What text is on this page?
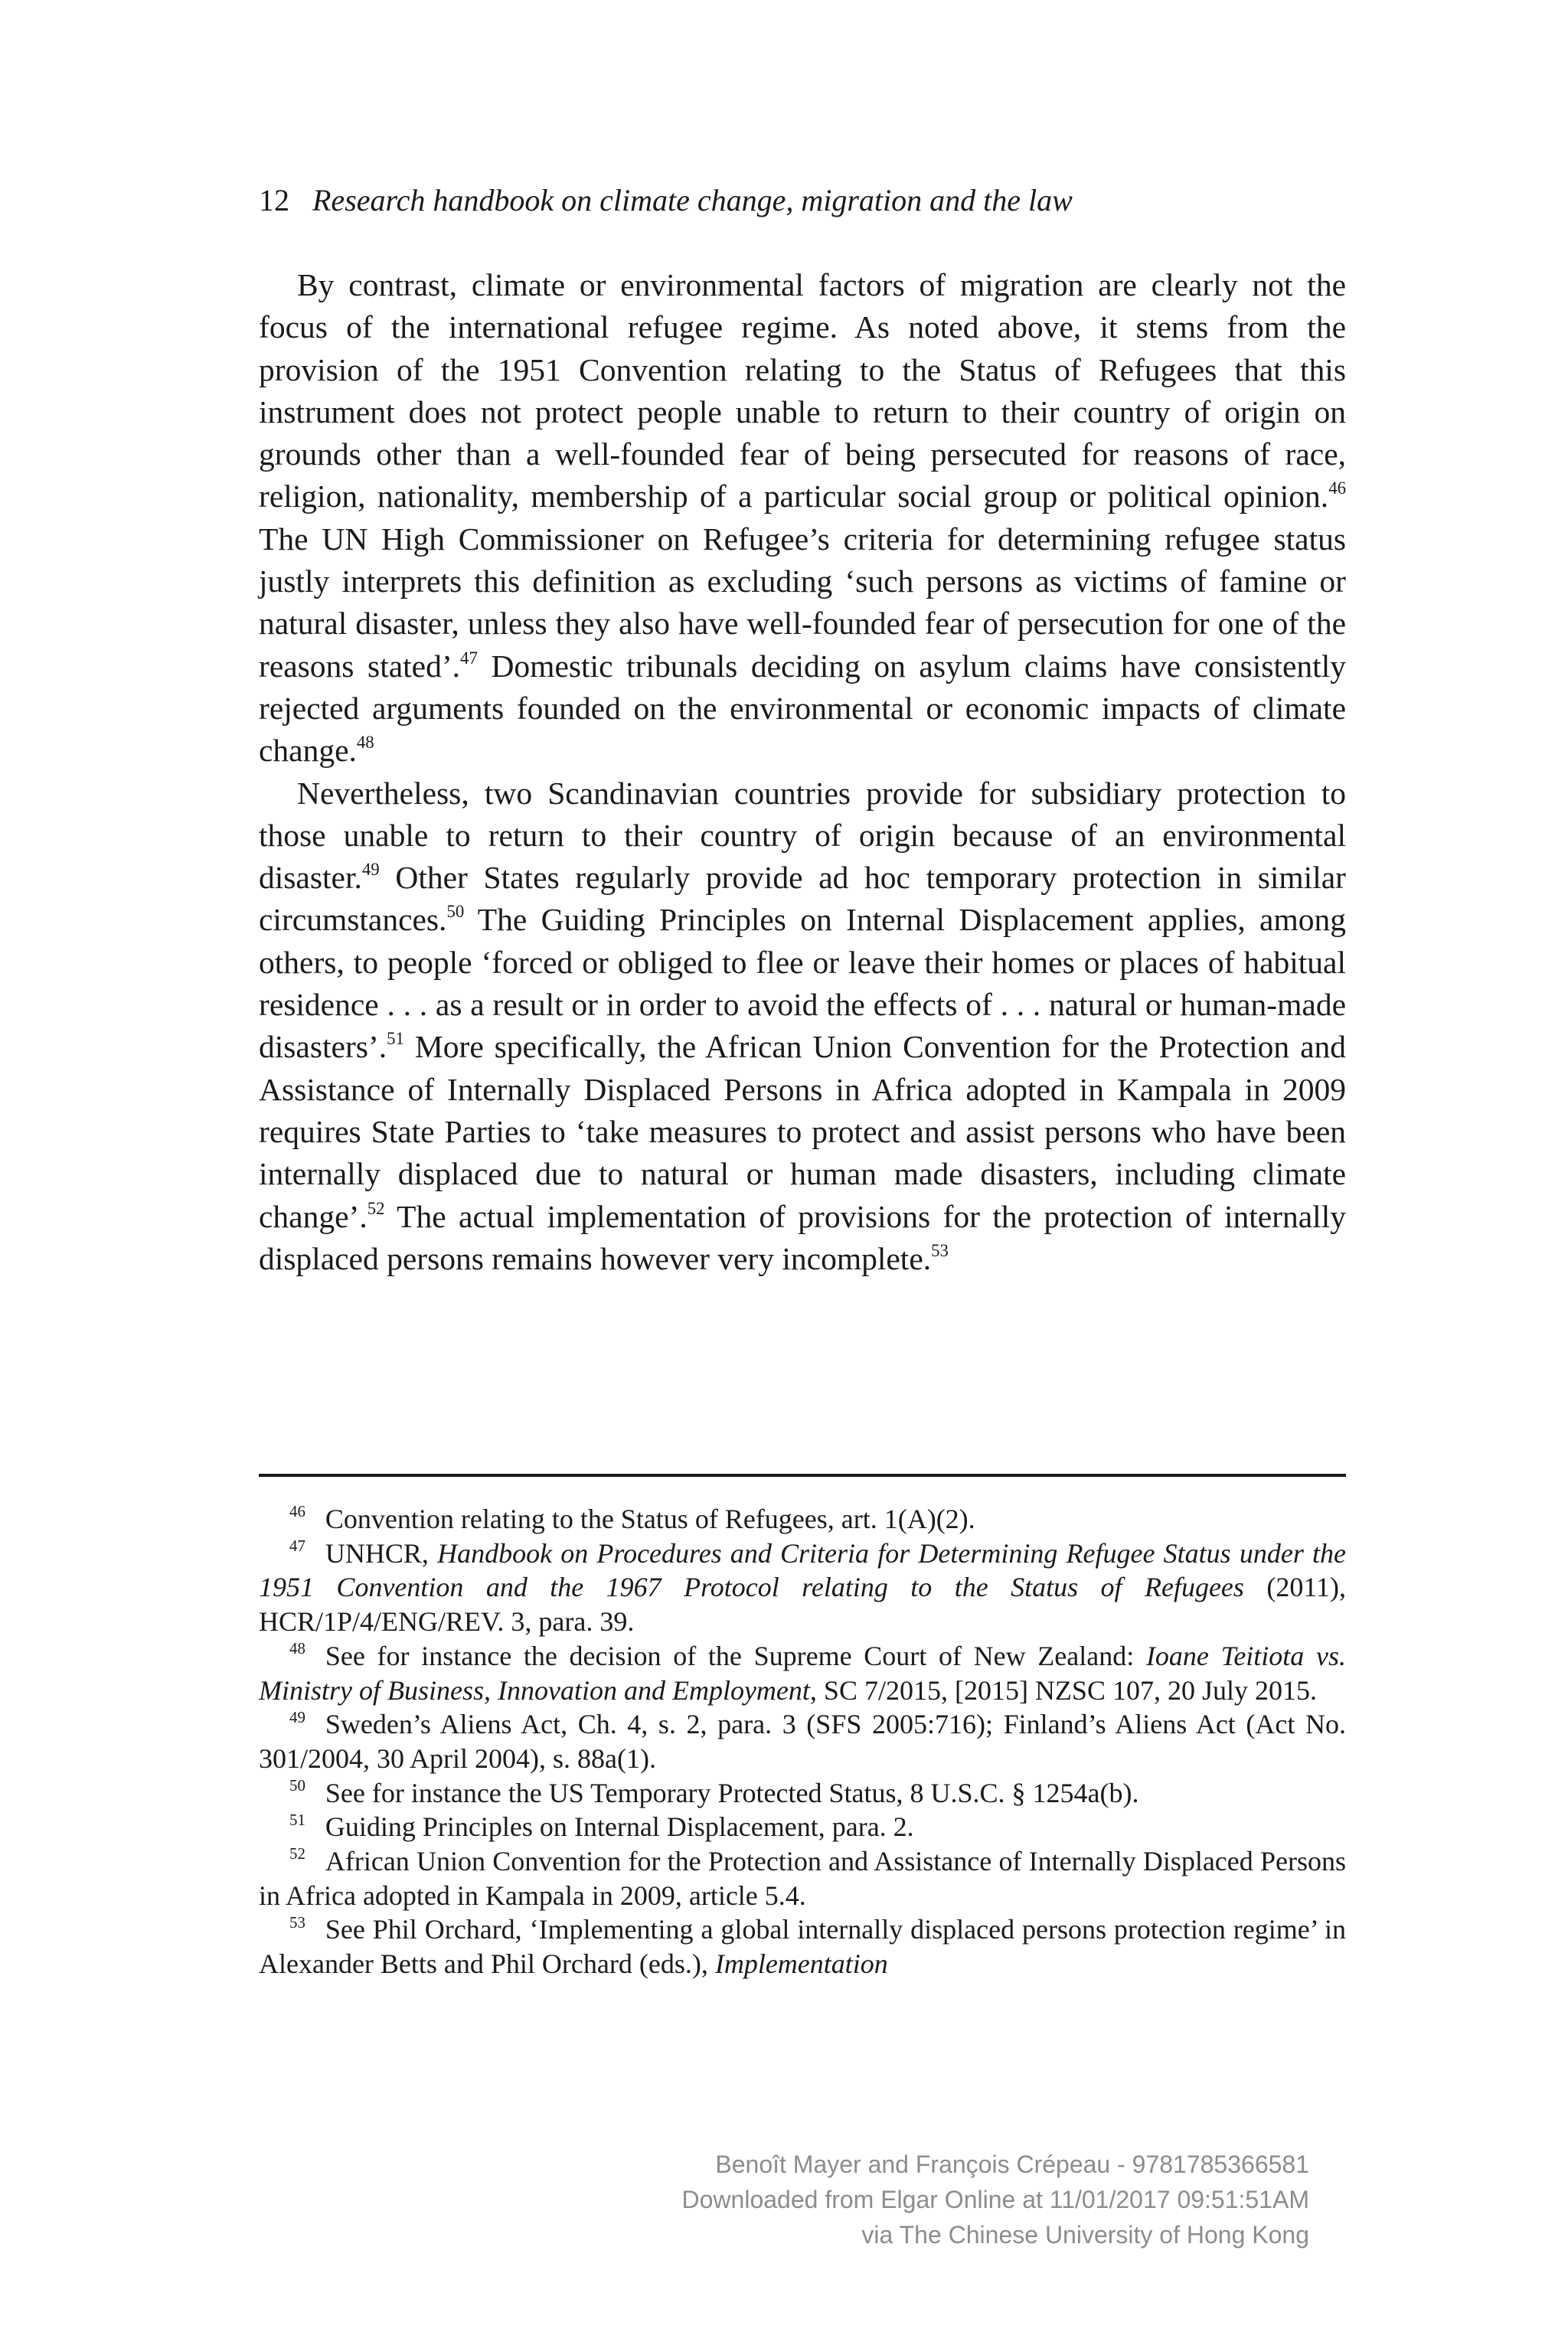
12 Research handbook on climate change, migration and the law

By contrast, climate or environmental factors of migration are clearly not the focus of the international refugee regime. As noted above, it stems from the provision of the 1951 Convention relating to the Status of Refugees that this instrument does not protect people unable to return to their country of origin on grounds other than a well-founded fear of being persecuted for reasons of race, religion, nationality, membership of a particular social group or political opinion.$^{46}$ The UN High Commissioner on Refugee’s criteria for determining refugee status justly interprets this definition as excluding ‘such persons as victims of famine or natural disaster, unless they also have well-founded fear of persecution for one of the reasons stated’.$^{47}$ Domestic tribunals deciding on asylum claims have consistently rejected arguments founded on the environmental or economic impacts of climate change.$^{48}$

Nevertheless, two Scandinavian countries provide for subsidiary protection to those unable to return to their country of origin because of an environmental disaster.$^{49}$ Other States regularly provide ad hoc temporary protection in similar circumstances.$^{50}$ The Guiding Principles on Internal Displacement applies, among others, to people ‘forced or obliged to flee or leave their homes or places of habitual residence . . . as a result or in order to avoid the effects of . . . natural or human-made disasters’.$^{51}$ More specifically, the African Union Convention for the Protection and Assistance of Internally Displaced Persons in Africa adopted in Kampala in 2009 requires State Parties to ‘take measures to protect and assist persons who have been internally displaced due to natural or human made disasters, including climate change’.$^{52}$ The actual implementation of provisions for the protection of internally displaced persons remains however very incomplete.$^{53}$

$^{46}$ Convention relating to the Status of Refugees, art. 1(A)(2).

$^{47}$ UNHCR, Handbook on Procedures and Criteria for Determining Refugee Status under the 1951 Convention and the 1967 Protocol relating to the Status of Refugees (2011), HCR/1P/4/ENG/REV. 3, para. 39.

$^{48}$ See for instance the decision of the Supreme Court of New Zealand: Ioane Teitiota vs. Ministry of Business, Innovation and Employment, SC 7/2015, [2015] NZSC 107, 20 July 2015.

$^{49}$ Sweden’s Aliens Act, Ch. 4, s. 2, para. 3 (SFS 2005:716); Finland’s Aliens Act (Act No. 301/2004, 30 April 2004), s. 88a(1).

$^{50}$ See for instance the US Temporary Protected Status, 8 U.S.C. § 1254a(b).

$^{51}$ Guiding Principles on Internal Displacement, para. 2.

$^{52}$ African Union Convention for the Protection and Assistance of Internally Displaced Persons in Africa adopted in Kampala in 2009, article 5.4.

$^{53}$ See Phil Orchard, ‘Implementing a global internally displaced persons protection regime’ in Alexander Betts and Phil Orchard (eds.), Implementation

Benoît Mayer and François Crépeau - 9781785366581
Downloaded from Elgar Online at 11/01/2017 09:51:51AM
via The Chinese University of Hong Kong
